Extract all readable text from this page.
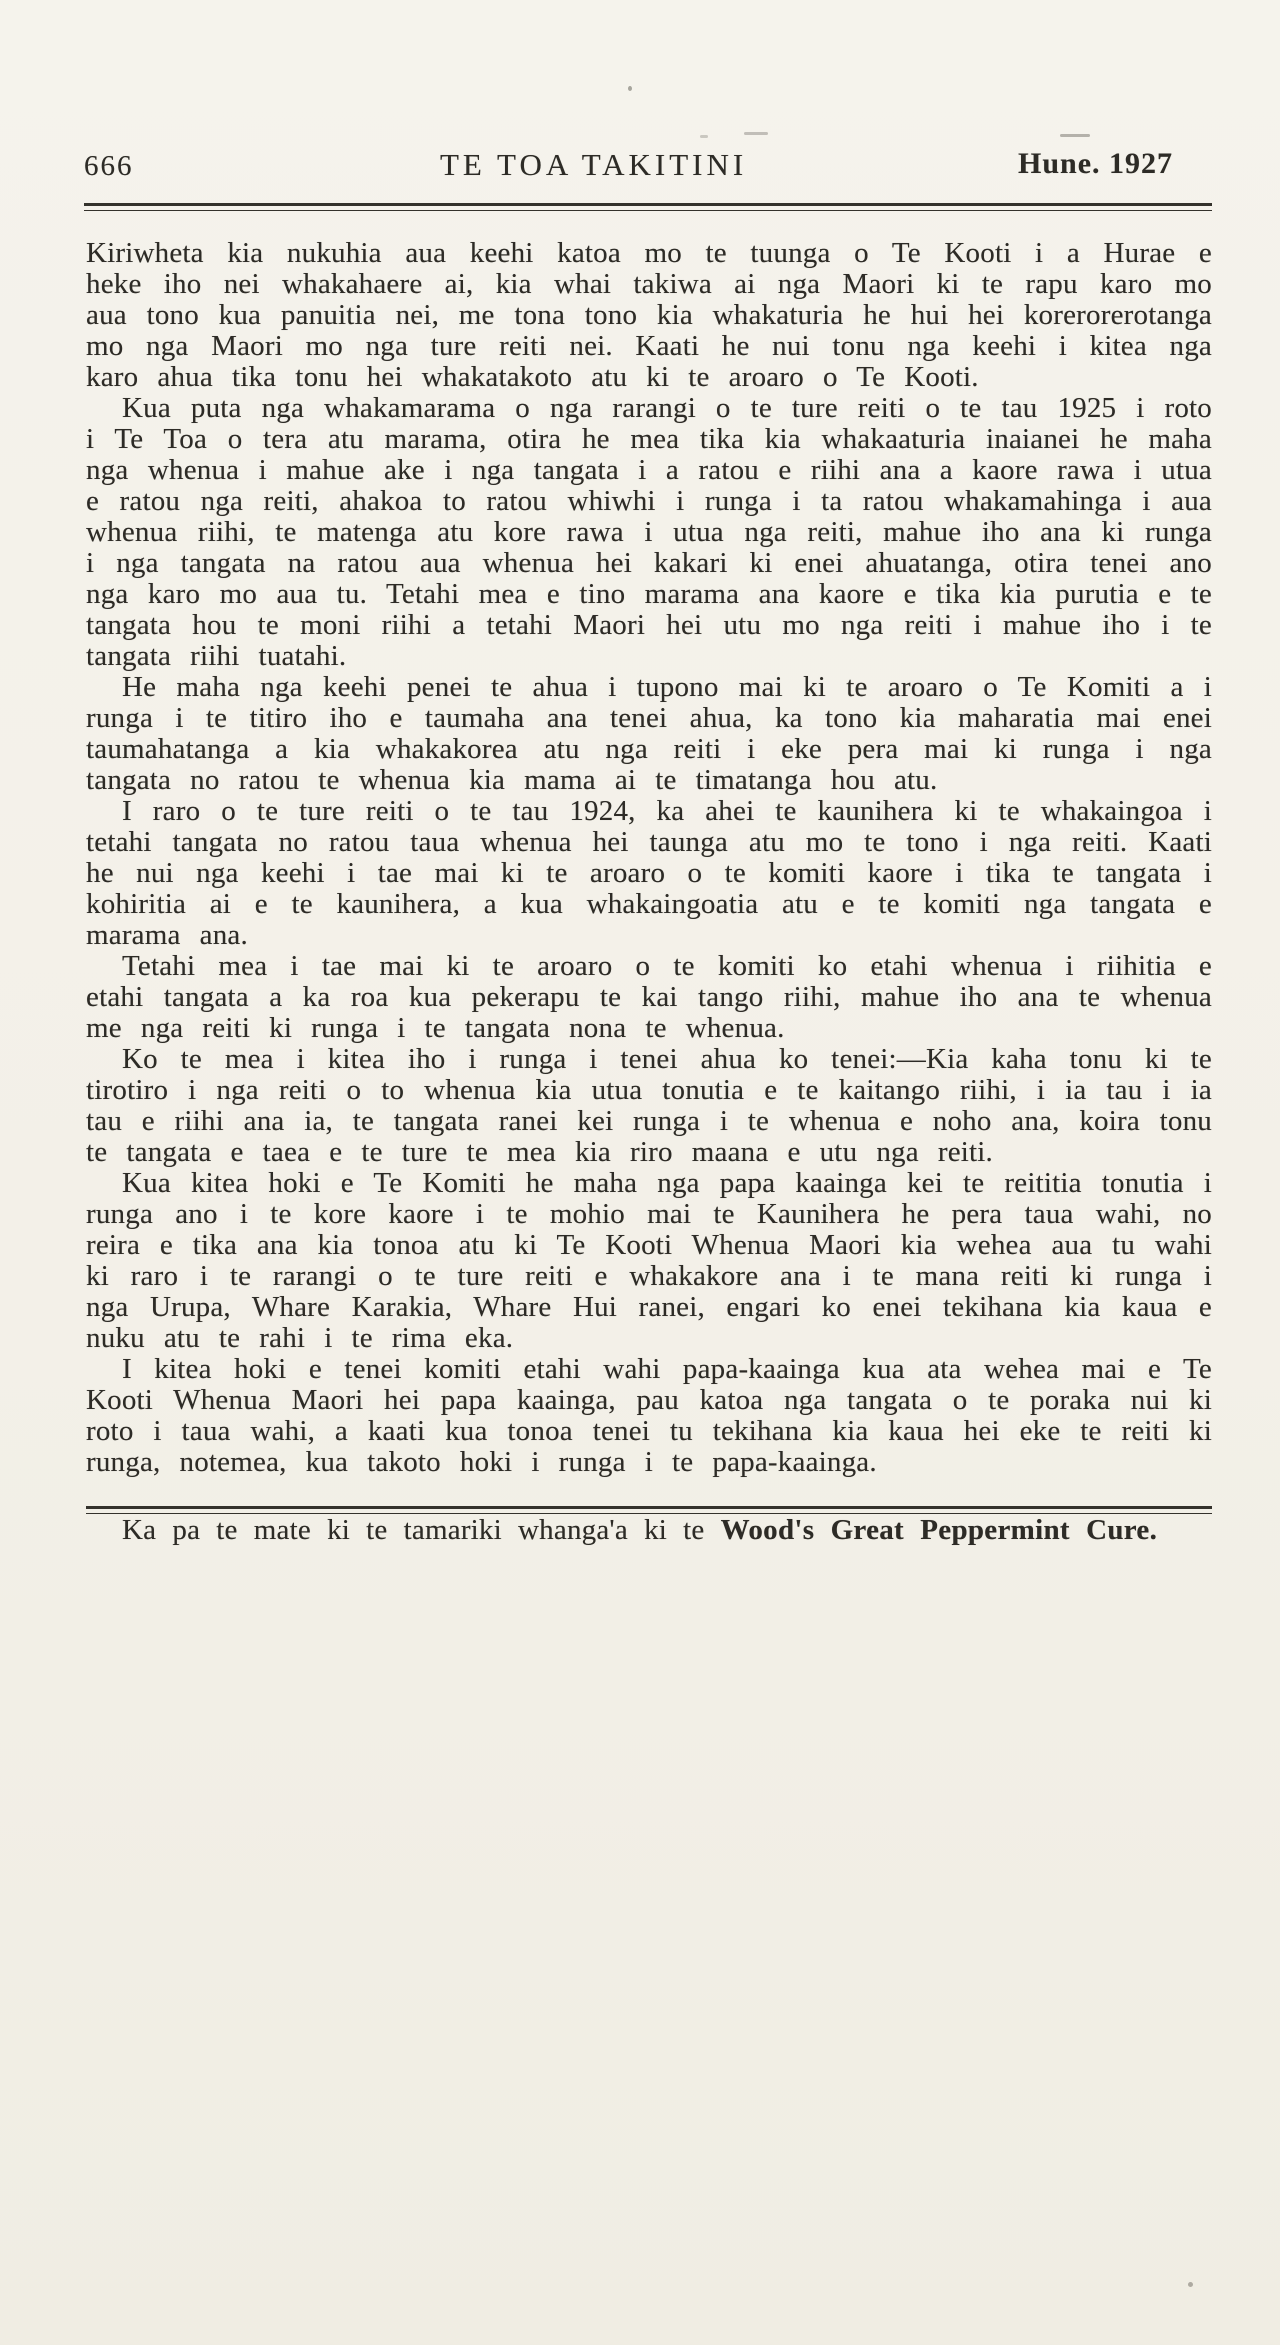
666	TE TOA TAKITINI	Hune. 1927

Kiriwheta kia nukuhia aua keehi katoa mo te tuunga o Te Kooti i a Hurae e heke iho nei whakahaere ai, kia whai takiwa ai nga Maori ki te rapu karo mo aua tono kua panuitia nei, me tona tono kia whakaturia he hui hei korerorerotanga mo nga Maori mo nga ture reiti nei. Kaati he nui tonu nga keehi i kitea nga karo ahua tika tonu hei whakatakoto atu ki te aroaro o Te Kooti.

Kua puta nga whakamarama o nga rarangi o te ture reiti o te tau 1925 i roto i Te Toa o tera atu marama, otira he mea tika kia whakaaturia inaianei he maha nga whenua i mahue ake i nga tangata i a ratou e riihi ana a kaore rawa i utua e ratou nga reiti, ahakoa to ratou whiwhi i runga i ta ratou whakamahinga i aua whenua riihi, te matenga atu kore rawa i utua nga reiti, mahue iho ana ki runga i nga tangata na ratou aua whenua hei kakari ki enei ahuatanga, otira tenei ano nga karo mo aua tu. Tetahi mea e tino marama ana kaore e tika kia purutia e te tangata hou te moni riihi a tetahi Maori hei utu mo nga reiti i mahue iho i te tangata riihi tuatahi.

He maha nga keehi penei te ahua i tupono mai ki te aroaro o Te Komiti a i runga i te titiro iho e taumaha ana tenei ahua, ka tono kia maharatia mai enei taumahatanga a kia whakakorea atu nga reiti i eke pera mai ki runga i nga tangata no ratou te whenua kia mama ai te timatanga hou atu.

I raro o te ture reiti o te tau 1924, ka ahei te kaunihera ki te whakaingoa i tetahi tangata no ratou taua whenua hei taunga atu mo te tono i nga reiti. Kaati he nui nga keehi i tae mai ki te aroaro o te komiti kaore i tika te tangata i kohiritia ai e te kaunihera, a kua whakaingoatia atu e te komiti nga tangata e marama ana.

Tetahi mea i tae mai ki te aroaro o te komiti ko etahi whenua i riihitia e etahi tangata a ka roa kua pekerapu te kai tango riihi, mahue iho ana te whenua me nga reiti ki runga i te tangata nona te whenua.

Ko te mea i kitea iho i runga i tenei ahua ko tenei:—Kia kaha tonu ki te tirotiro i nga reiti o to whenua kia utua tonutia e te kaitango riihi, i ia tau i ia tau e riihi ana ia, te tangata ranei kei runga i te whenua e noho ana, koira tonu te tangata e taea e te ture te mea kia riro maana e utu nga reiti.

Kua kitea hoki e Te Komiti he maha nga papa kaainga kei te reititia tonutia i runga ano i te kore kaore i te mohio mai te Kaunihera he pera taua wahi, no reira e tika ana kia tonoa atu ki Te Kooti Whenua Maori kia wehea aua tu wahi ki raro i te rarangi o te ture reiti e whakakore ana i te mana reiti ki runga i nga Urupa, Whare Karakia, Whare Hui ranei, engari ko enei tekihana kia kaua e nuku atu te rahi i te rima eka.

I kitea hoki e tenei komiti etahi wahi papa-kaainga kua ata wehea mai e Te Kooti Whenua Maori hei papa kaainga, pau katoa nga tangata o te poraka nui ki roto i taua wahi, a kaati kua tonoa tenei tu tekihana kia kaua hei eke te reiti ki runga, notemea, kua takoto hoki i runga i te papa-kaainga.

Ka pa te mate ki te tamariki whanga'a ki te Wood's Great Peppermint Cure.
